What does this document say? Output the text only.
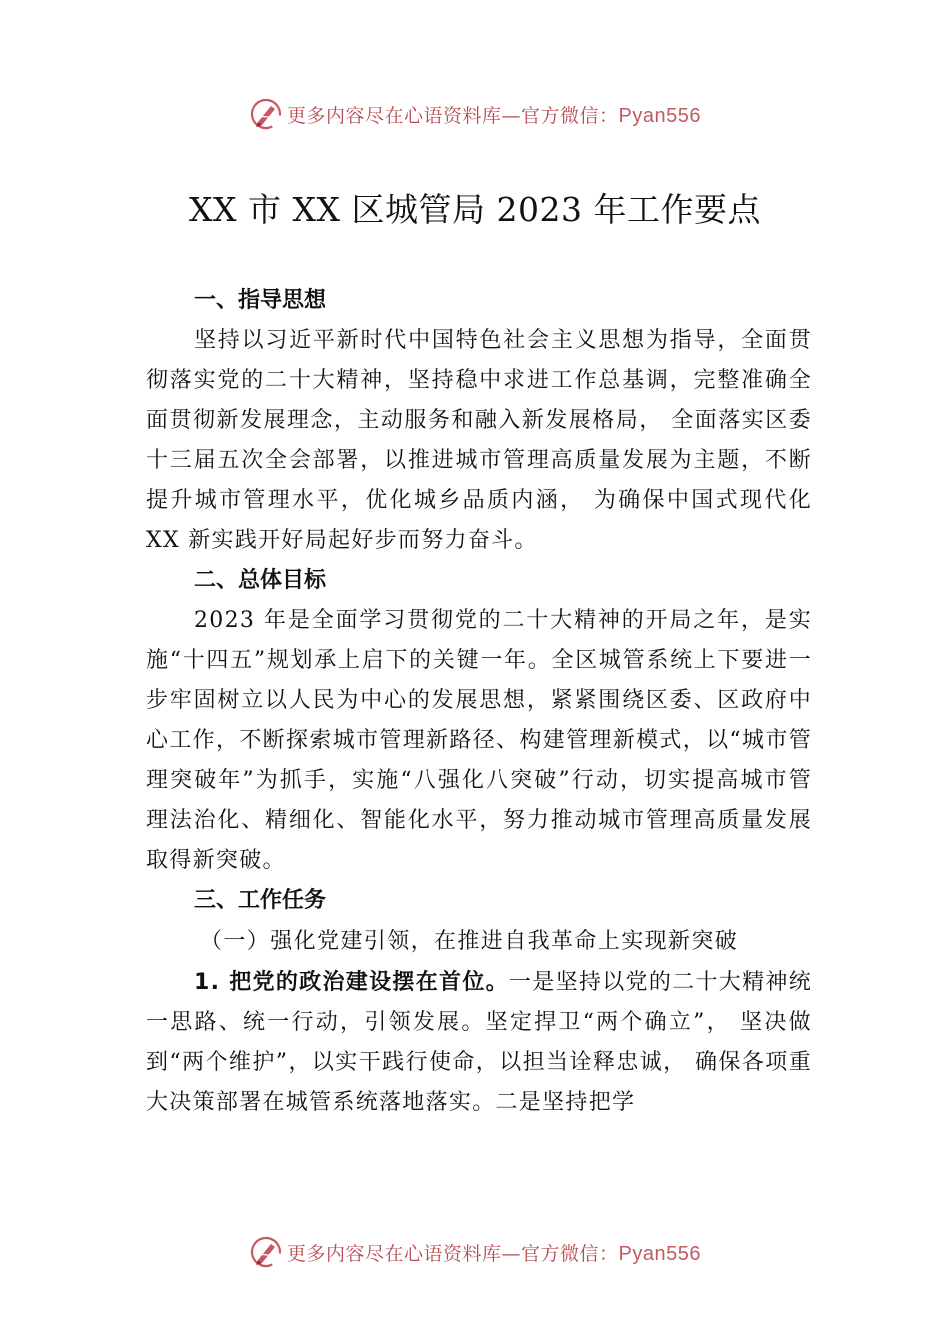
更多内容尽在心语资料库—官方微信：Pyan556
XX 市 XX 区城管局 2023 年工作要点

一、指导思想

坚持以习近平新时代中国特色社会主义思想为指导，全面贯彻落实党的二十大精神，坚持稳中求进工作总基调，完整准确全面贯彻新发展理念，主动服务和融入新发展格局， 全面落实区委十三届五次全会部署，以推进城市管理高质量发展为主题，不断提升城市管理水平，优化城乡品质内涵， 为确保中国式现代化 XX 新实践开好局起好步而努力奋斗。

二、总体目标

2023 年是全面学习贯彻党的二十大精神的开局之年，是实施“十四五”规划承上启下的关键一年。全区城管系统上下要进一步牢固树立以人民为中心的发展思想，紧紧围绕区委、区政府中心工作，不断探索城市管理新路径、构建管理新模式，以“城市管理突破年”为抓手，实施“八强化八突破”行动，切实提高城市管理法治化、精细化、智能化水平，努力推动城市管理高质量发展取得新突破。

三、工作任务

（一）强化党建引领，在推进自我革命上实现新突破

1. 把党的政治建设摆在首位。一是坚持以党的二十大精神统一思路、统一行动，引领发展。坚定捍卫“两个确立”， 坚决做到“两个维护”，以实干践行使命，以担当诠释忠诚， 确保各项重大决策部署在城管系统落地落实。二是坚持把学

更多内容尽在心语资料库—官方微信：Pyan556
